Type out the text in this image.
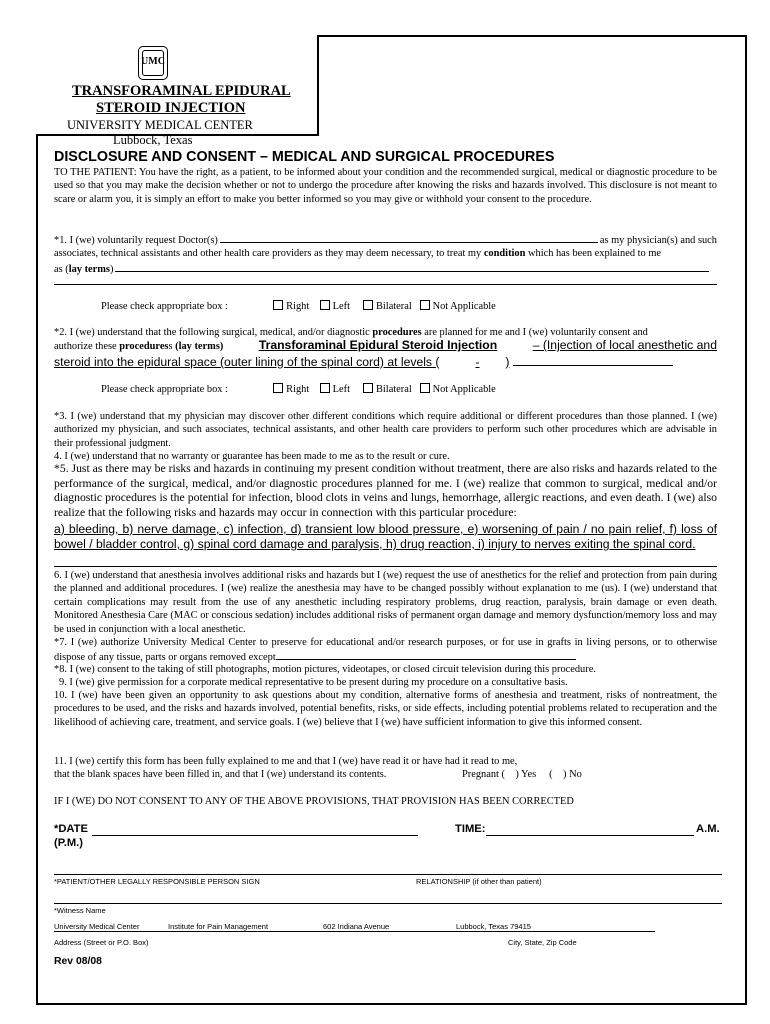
UMC
TRANSFORAMINAL EPIDURAL
STEROID INJECTION
UNIVERSITY MEDICAL CENTER
Lubbock, Texas
DISCLOSURE AND CONSENT – MEDICAL AND SURGICAL PROCEDURES
TO THE PATIENT: You have the right, as a patient, to be informed about your condition and the recommended surgical, medical or diagnostic procedure to be used so that you may make the decision whether or not to undergo the procedure after knowing the risks and hazards involved. This disclosure is not meant to scare or alarm you, it is simply an effort to make you better informed so you may give or withhold your consent to the procedure.
*1. I (we) voluntarily request Doctor(s)	as my physician(s) and such
associates, technical assistants and other health care providers as they may deem necessary, to treat my
condition
which has been explained to me
as ( lay terms )
Please check appropriate box :	Right Left	Bilateral Not Applicable
*2. I (we) understand that the following surgical, medical, and/or diagnostic procedures are planned for me and I (we) voluntarily consent and
authorize these proceduress (lay terms)	Transforaminal Epidural Steroid Injection	– (Injection of local anesthetic and
steroid into the epidural space (outer lining of the spinal cord) at levels (	- )
Please check appropriate box :	Right Left	Bilateral Not Applicable
*3. I (we) understand that my physician may discover other different conditions which require additional or different procedures than those planned. I (we) authorized my physician, and such associates, technical assistants, and other health care providers to perform such other procedures which are advisable in their professional judgment.
4. I (we) understand that no warranty or guarantee has been made to me as to the result or cure.
*5. Just as there may be risks and hazards in continuing my present condition without treatment, there are also risks and hazards related to the performance of the surgical, medical, and/or diagnostic procedures planned for me. I (we) realize that common to surgical, medical and/or diagnostic procedures is the potential for infection, blood clots in veins and lungs, hemorrhage, allergic reactions, and even death. I (we) also realize that the following risks and hazards may occur in connection with this particular procedure:
a) bleeding, b) nerve damage, c) infection, d) transient low blood pressure, e) worsening of pain / no pain relief, f) loss of bowel / bladder control, g) spinal cord damage and paralysis, h) drug reaction, i) injury to nerves exiting the spinal cord.
6. I (we) understand that anesthesia involves additional risks and hazards but I (we) request the use of anesthetics for the relief and protection from pain during the planned and additional procedures. I (we) realize the anesthesia may have to be changed possibly without explanation to me (us). I (we) understand that certain complications may result from the use of any anesthetic including respiratory problems, drug reaction, paralysis, brain damage or even death. Monitored Anesthesia Care (MAC or conscious sedation) includes additional risks of permanent organ damage and memory dysfunction/memory loss and may be used in conjunction with a local anesthetic.
*7. I (we) authorize University Medical Center to preserve for educational and/or research purposes, or for use in grafts in living persons, or to otherwise dispose of any tissue, parts or organs removed except
*8. I (we) consent to the taking of still photographs, motion pictures, videotapes, or closed circuit television during this procedure.
9. I (we) give permission for a corporate medical representative to be present during my procedure on a consultative basis.
10. I (we) have been given an opportunity to ask questions about my condition, alternative forms of anesthesia and treatment, risks of nontreatment, the procedures to be used, and the risks and hazards involved, potential benefits, risks, or side effects, including potential problems related to recuperation and the likelihood of achieving care, treatment, and service goals. I (we) believe that I (we) have sufficient information to give this informed consent.
11. I (we) certify this form has been fully explained to me and that I (we) have read it or have had it read to me,
that the blank spaces have been filled in, and that I (we) understand its contents.	Pregnant (    ) Yes     (    ) No
IF I (WE) DO NOT CONSENT TO ANY OF THE ABOVE PROVISIONS, THAT PROVISION HAS BEEN CORRECTED
*DATE	TIME:	A.M.
(P.M.)
*PATIENT/OTHER LEGALLY RESPONSIBLE PERSON SIGN	RELATIONSHIP (if other than patient)
*Witness Name
University Medical Center	Institute for Pain Management	602 Indiana Avenue	Lubbock, Texas 79415
Address (Street or P.O. Box)	City, State, Zip Code
Rev 08/08
